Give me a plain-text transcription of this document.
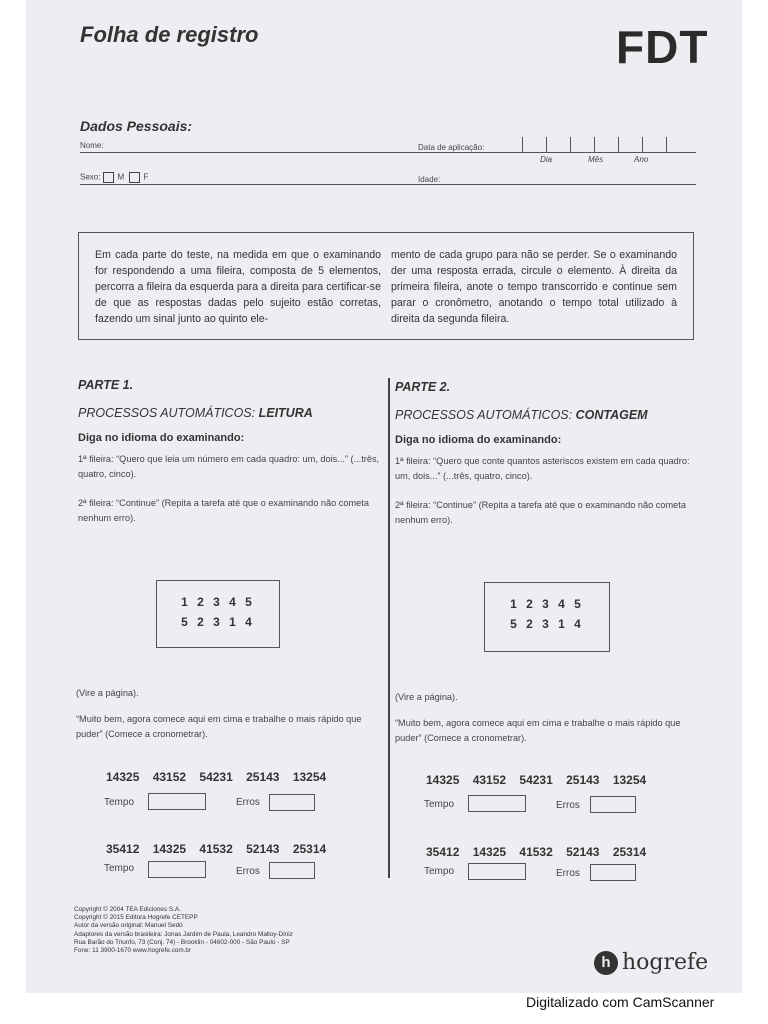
Folha de registro	FDT
Dados Pessoais:
Nome:	Data de aplicação:
Dia	Mês	Ano
Sexo: M F	Idade:
Em cada parte do teste, na medida em que o examinando for respondendo a uma fileira, composta de 5 elementos, percorra a fileira da esquerda para a direita para certificar-se de que as respostas dadas pelo sujeito estão corretas, fazendo um sinal junto ao quinto ele-
mento de cada grupo para não se perder. Se o examinando der uma resposta errada, circule o elemento. À direita da primeira fileira, anote o tempo transcorrido e continue sem parar o cronômetro, anotando o tempo total utilizado à direita da segunda fileira.
PARTE 1.
PROCESSOS AUTOMÁTICOS: LEITURA
Diga no idioma do examinando:
1ª fileira: “Quero que leia um número em cada quadro: um, dois...” (...três, quatro, cinco).
2ª fileira: “Continue” (Repita a tarefa até que o examinando não cometa nenhum erro).
1 2 3 4 5
5 2 3 1 4
(Vire a página).
“Muito bem, agora comece aqui em cima e trabalhe o mais rápido que puder” (Comece a cronometrar).
14325 43152 54231 25143 13254
Tempo	Erros
35412 14325 41532 52143 25314
Tempo	Erros
PARTE 2.
PROCESSOS AUTOMÁTICOS: CONTAGEM
Diga no idioma do examinando:
1ª fileira: “Quero que conte quantos asteriscos existem em cada quadro: um, dois...” (...três, quatro, cinco).
2ª fileira: “Continue” (Repita a tarefa até que o examinando não cometa nenhum erro).
1 2 3 4 5
5 2 3 1 4
(Vire a página).
“Muito bem, agora comece aqui em cima e trabalhe o mais rápido que puder” (Comece a cronometrar).
14325 43152 54231 25143 13254
Tempo	Erros
35412 14325 41532 52143 25314
Tempo	Erros
Copyright © 2004 TEA Ediciones S.A.
Copyright © 2015 Editora Hogrefe CETEPP
Autor da versão original: Manuel Sedó
Adaptores da versão brasileira: Jonas Jardim de Paula, Leandro Malloy-Diniz
Rua Barão do Triunfo, 73 (Conj. 74) - Brooklin - 04602-000 - São Paulo - SP
Fone: 11 3900-1670 www.hogrefe.com.br
h hogrefe
Digitalizado com CamScanner
